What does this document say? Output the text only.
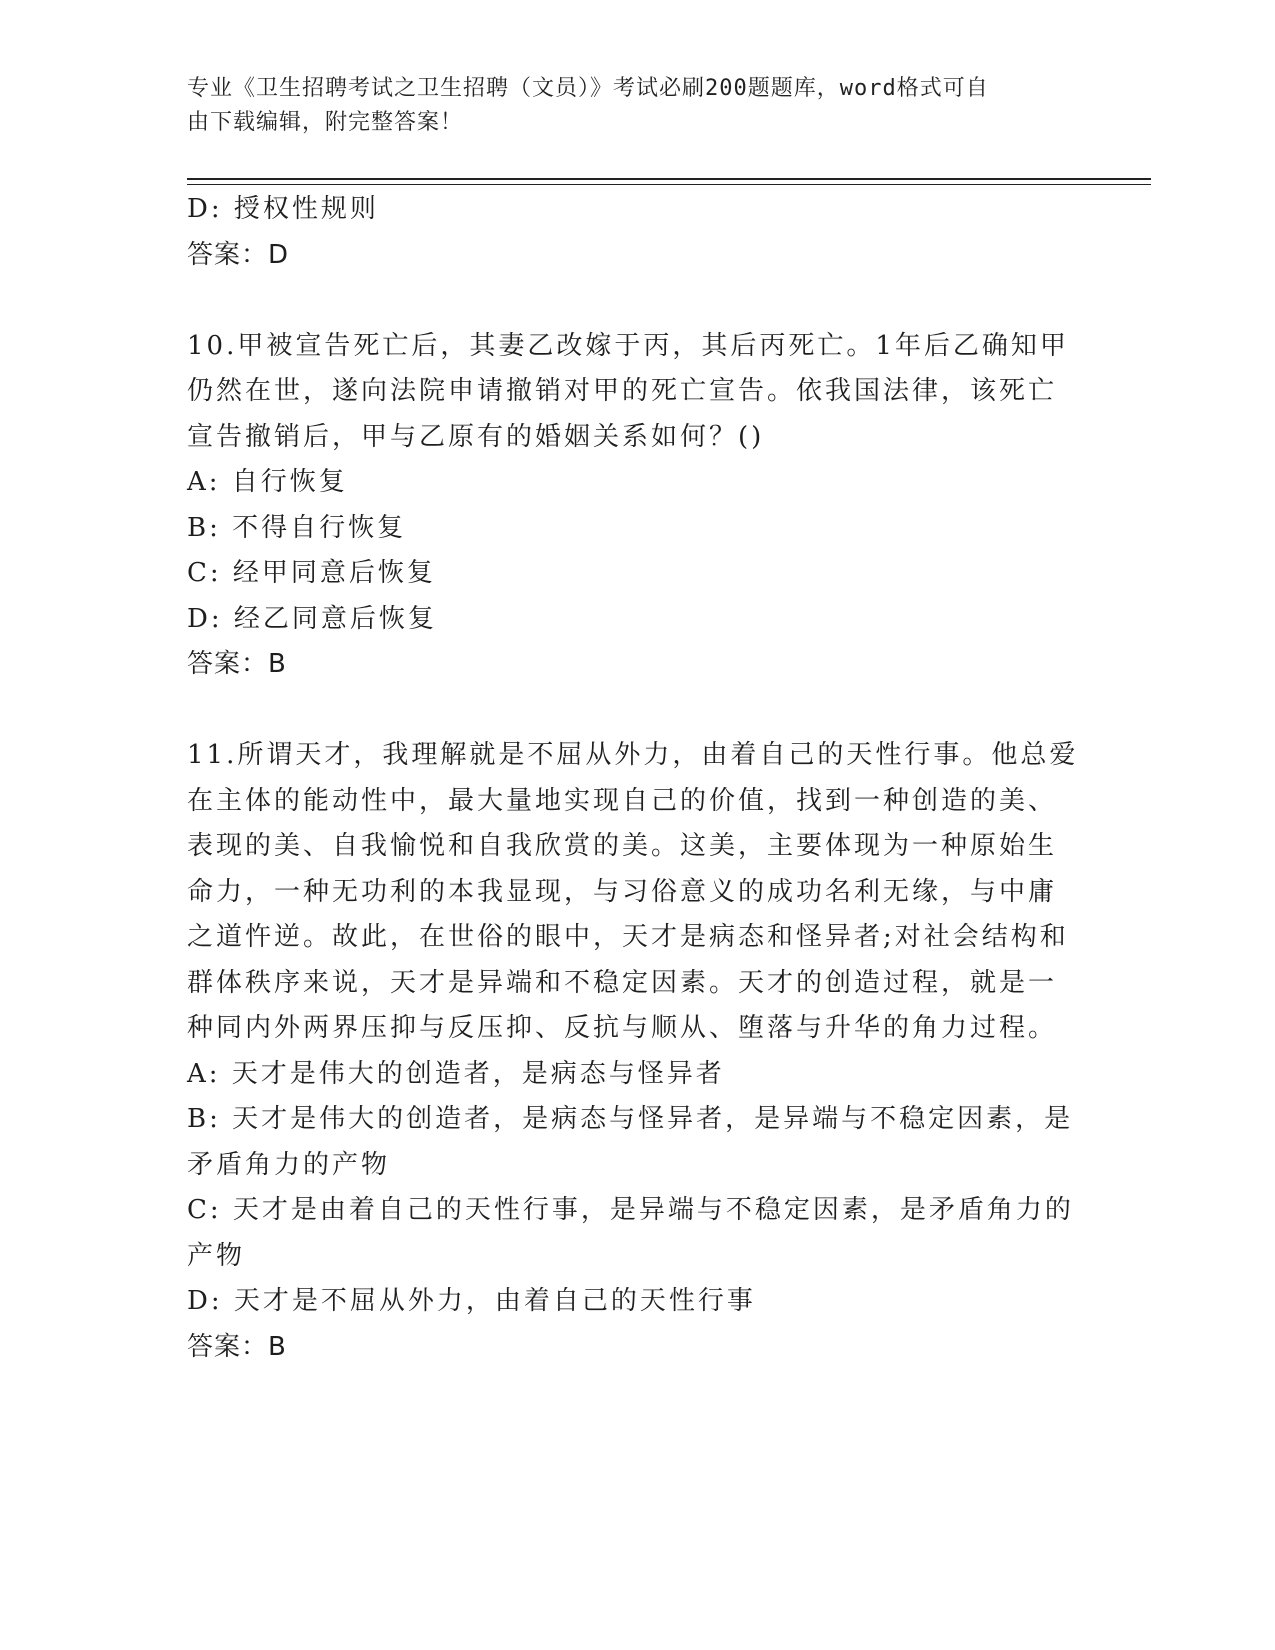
专业《卫生招聘考试之卫生招聘（文员）》考试必刷200题题库，word格式可自
由下载编辑，附完整答案！
D: 授权性规则
答案：D
10.甲被宣告死亡后，其妻乙改嫁于丙，其后丙死亡。1年后乙确知甲
仍然在世，遂向法院申请撤销对甲的死亡宣告。依我国法律，该死亡
宣告撤销后，甲与乙原有的婚姻关系如何？()
A: 自行恢复
B: 不得自行恢复
C: 经甲同意后恢复
D: 经乙同意后恢复
答案：B
11.所谓天才，我理解就是不屈从外力，由着自己的天性行事。他总爱
在主体的能动性中，最大量地实现自己的价值，找到一种创造的美、
表现的美、自我愉悦和自我欣赏的美。这美，主要体现为一种原始生
命力，一种无功利的本我显现，与习俗意义的成功名利无缘，与中庸
之道忤逆。故此，在世俗的眼中，天才是病态和怪异者;对社会结构和
群体秩序来说，天才是异端和不稳定因素。天才的创造过程，就是一
种同内外两界压抑与反压抑、反抗与顺从、堕落与升华的角力过程。
A: 天才是伟大的创造者，是病态与怪异者
B: 天才是伟大的创造者，是病态与怪异者，是异端与不稳定因素，是
矛盾角力的产物
C: 天才是由着自己的天性行事，是异端与不稳定因素，是矛盾角力的
产物
D: 天才是不屈从外力，由着自己的天性行事
答案：B
